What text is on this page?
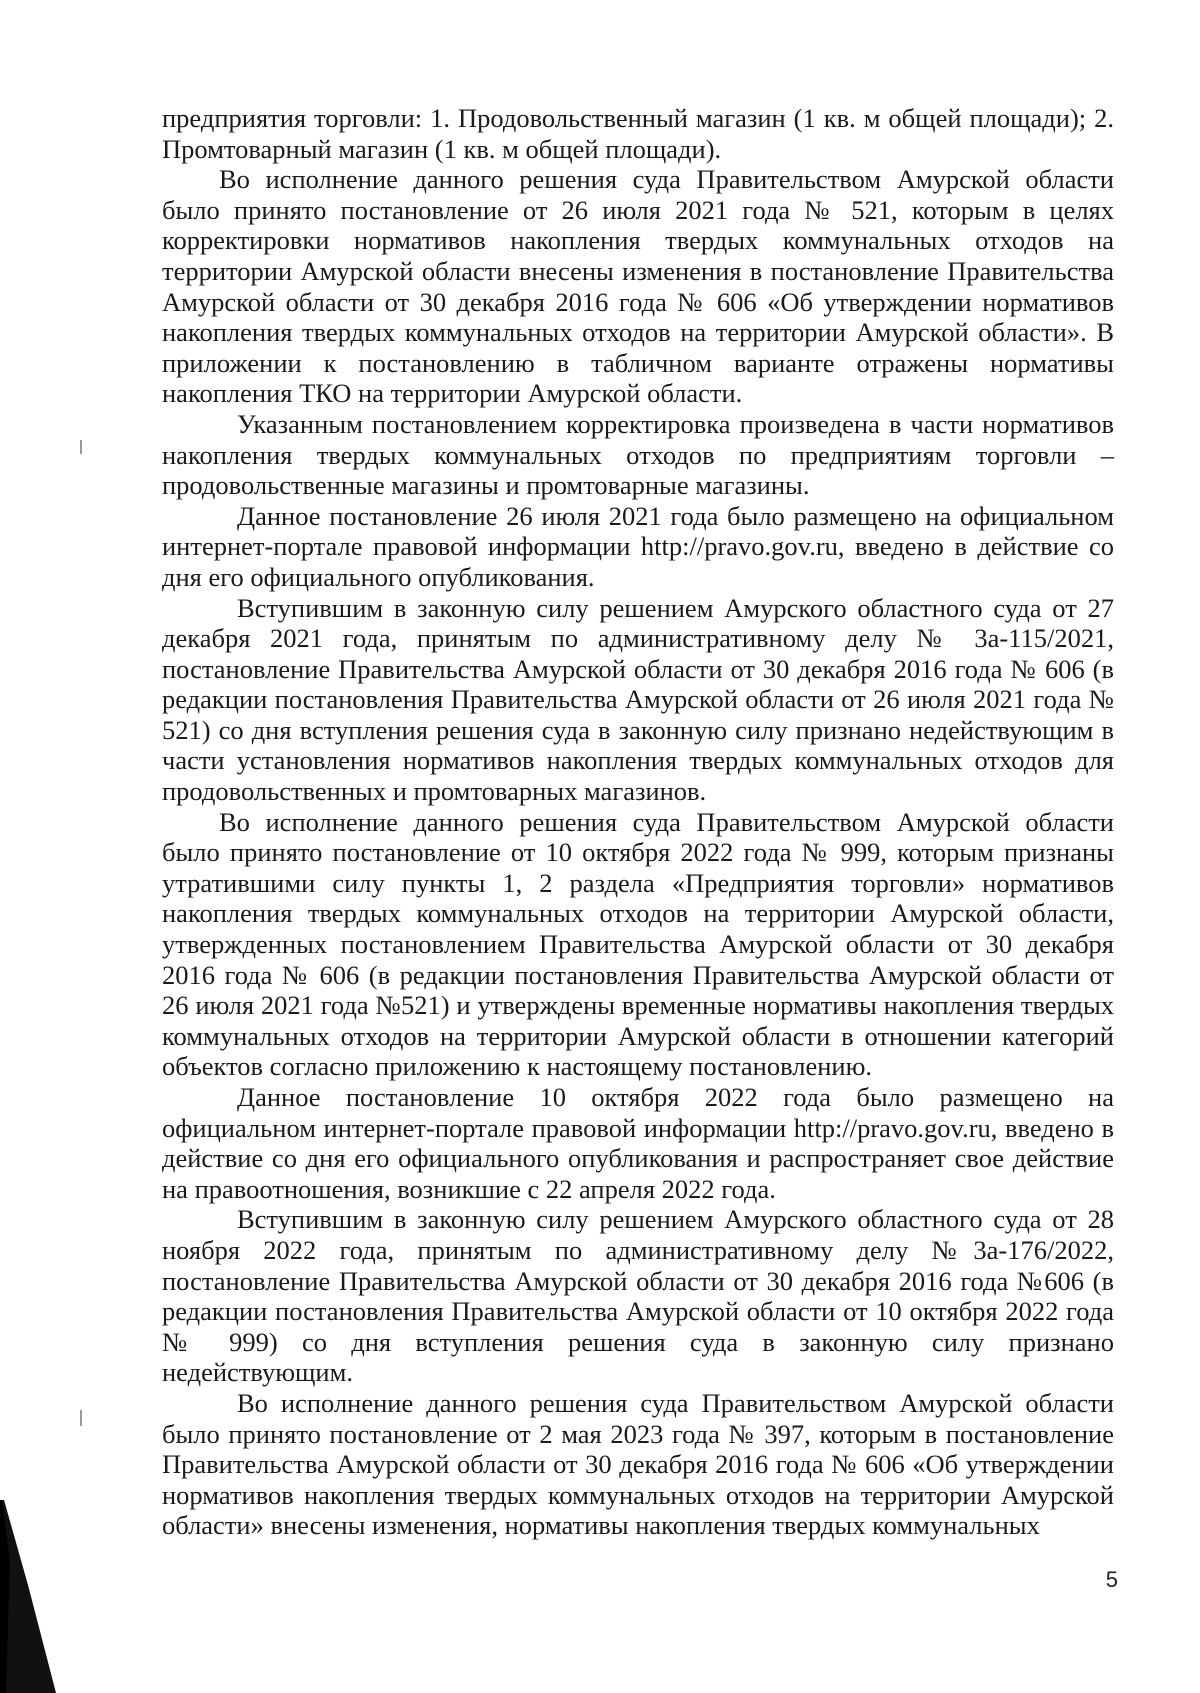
предприятия торговли: 1. Продовольственный магазин (1 кв. м общей площади); 2. Промтоварный магазин (1 кв. м общей площади).

Во исполнение данного решения суда Правительством Амурской области было принято постановление от 26 июля 2021 года № 521, которым в целях корректировки нормативов накопления твердых коммунальных отходов на территории Амурской области внесены изменения в постановление Правительства Амурской области от 30 декабря 2016 года № 606 «Об утверждении нормативов накопления твердых коммунальных отходов на территории Амурской области». В приложении к постановлению в табличном варианте отражены нормативы накопления ТКО на территории Амурской области.

Указанным постановлением корректировка произведена в части нормативов накопления твердых коммунальных отходов по предприятиям торговли – продовольственные магазины и промтоварные магазины.

Данное постановление 26 июля 2021 года было размещено на официальном интернет-портале правовой информации http://pravo.gov.ru, введено в действие со дня его официального опубликования.

Вступившим в законную силу решением Амурского областного суда от 27 декабря 2021 года, принятым по административному делу № 3а-115/2021, постановление Правительства Амурской области от 30 декабря 2016 года № 606 (в редакции постановления Правительства Амурской области от 26 июля 2021 года № 521) со дня вступления решения суда в законную силу признано недействующим в части установления нормативов накопления твердых коммунальных отходов для продовольственных и промтоварных магазинов.

Во исполнение данного решения суда Правительством Амурской области было принято постановление от 10 октября 2022 года № 999, которым признаны утратившими силу пункты 1, 2 раздела «Предприятия торговли» нормативов накопления твердых коммунальных отходов на территории Амурской области, утвержденных постановлением Правительства Амурской области от 30 декабря 2016 года № 606 (в редакции постановления Правительства Амурской области от 26 июля 2021 года №521) и утверждены временные нормативы накопления твердых коммунальных отходов на территории Амурской области в отношении категорий объектов согласно приложению к настоящему постановлению.

Данное постановление 10 октября 2022 года было размещено на официальном интернет-портале правовой информации http://pravo.gov.ru, введено в действие со дня его официального опубликования и распространяет свое действие на правоотношения, возникшие с 22 апреля 2022 года.

Вступившим в законную силу решением Амурского областного суда от 28 ноября 2022 года, принятым по административному делу №3а-176/2022, постановление Правительства Амурской области от 30 декабря 2016 года №606 (в редакции постановления Правительства Амурской области от 10 октября 2022 года № 999) со дня вступления решения суда в законную силу признано недействующим.

Во исполнение данного решения суда Правительством Амурской области было принято постановление от 2 мая 2023 года № 397, которым в постановление Правительства Амурской области от 30 декабря 2016 года № 606 «Об утверждении нормативов накопления твердых коммунальных отходов на территории Амурской области» внесены изменения, нормативы накопления твердых коммунальных

5
